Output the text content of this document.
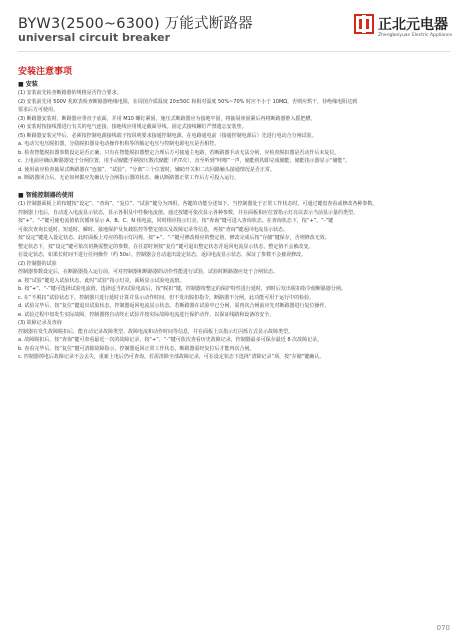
BYW3(2500~6300) 万能式断路器
universal circuit breaker
正北元电器
Zhengbeiyuan Electric Appliance
安装注意事项
■ 安装
(1) 安装前先检查断路器的规格是否符合要求。
(2) 安装前先用 500V 兆欧表检查断路器绝缘电阻，在周围介质温度 20±50C 和相对湿度 50%~70% 时应不小于 10MΩ，否则应烘干，待绝缘电阻达到
要求后方可使用。
(3) 断路器安装时，断路器应垂直于底面，并用 M10 螺钉紧固。施压式断路器应为接地牢固，将抽屉座固紧后再将断路器推入摇把槽。
(4) 安装时按接线图进行有关的电气连接，接地线应用规定截面导线。固定式接线螺钉严禁遗忘安装垫。
(5) 断路器安装完毕后，必须按控制电源接线端子按说明要求接通控制电源，在电路通电前（接通控制电源后）先进行电动合分闸试验。
a. 电动欠电压脱扣器，分励脱扣器及电动操作机构等的额定电压与控制电源电压是否相符。
b. 检查智能脱扣器参数设定是否正确，只有在智能脱扣器整定合理后方可接通主电路，若断路器手动无法分闸，应检查脱扣器是否动作后未复位。
c. 上电前应确认断路器处于分闸位置，用手动储能手柄按压数次储能（约7次），直至听到“咔嚓”一声，储能机构即完成储能，储能指示器显示“储能”。
d. 使用前应检查抽屉式断路器在“连接”、“试验”、“分离”三个位置时，辅助开关和二次回路触头接通情况是否正常。
e. 断路器闭合后，无论如何都应先确认分合闸指示器的状态，确认断路器正常工作后方可投入运行。
■ 智能控制器的使用
(1) 控制器面板上的按键按“设定”、“查询”、“复位”、“试验”键分为四组，各键的功能分述如下。当控制器处于正常工作状态时，可通过键盘查看或修改各种参数。
控制器上电后，自动进入电流显示状态，显示各相及中性极电流值。通过按键可依次显示各种参数，并在面板相应位置指示灯亮以表示当前显示量的类型。
按“+”、“-”键可使电流值依次循环显示 A、B、C、N 相电流，同时相应指示灯亮，按“查询”键可进入查询状态。在查询状态下，按“+”、“-”键
可依次查询长延时、短延时、瞬时、接地保护及负载监控等整定值以及故障记录等信息，再按“查询”键返回电流显示状态。
按“设定”键进入设定状态，此时面板上对应的指示灯闪烁，按“+”、“-”键可修改相应的整定值，修改完成后按“存储”键保存，否则修改无效。
整定状态下，按“设定”键可依次切换需整定的参数，在任意时刻按“复位”键可退出整定状态并返回电流显示状态，整定值不会被改变。
在设定状态，如果长时间不进行任何操作（约 50s），控制器会自动退出设定状态，返回电流显示状态，保证了参数不会被误修改。
(2) 控制器的试验
控制器参数设定后，在断路器投入运行前，可对控制器和断路器的动作性能进行试验，试验时断路器应处于合闸状态。
a. 按“试验”键进入试验状态，此时“试验”指示灯亮，面板显示试验电流值。
b. 按“+”、“-”键可选择试验电流值，选择适当的试验电流后，按“脱扣”键，控制器按整定的保护特性进行延时，到时后发出脱扣指令使断路器分闸。
c. 在“不脱扣”试验状态下，控制器只进行延时计算并显示动作时间，但不发出脱扣指令，断路器不分闸，此功能可用于运行中的检验。
d. 试验完毕后，按“复位”键退出试验状态，控制器返回电流显示状态。若断路器在试验中已分闸，需再次合闸前应先对断路器进行复位操作。
e. 试验过程中如发生实际故障，控制器将自动终止试验并按实际故障电流进行保护动作，以保证线路和设备的安全。
(3) 故障记录及查询
控制器在发生故障脱扣后，能自动记录故障类型、故障电流和动作时间等信息，并在面板上以指示灯闪烁方式显示故障类型。
a. 故障脱扣后，按“查询”键可查看最近一次的故障记录，按“+”、“-”键可依次查看历史故障记录，控制器最多可保存最近 8 次故障记录。
b. 查看完毕后，按“复位”键可清除故障指示，控制器返回正常工作状态，断路器需经复位后才能再次合闸。
c. 控制器掉电后故障记录不会丢失，重新上电后仍可查询。若需清除全部故障记录，可在设定状态下选择“清除记录”项，按“存储”键确认。
070
